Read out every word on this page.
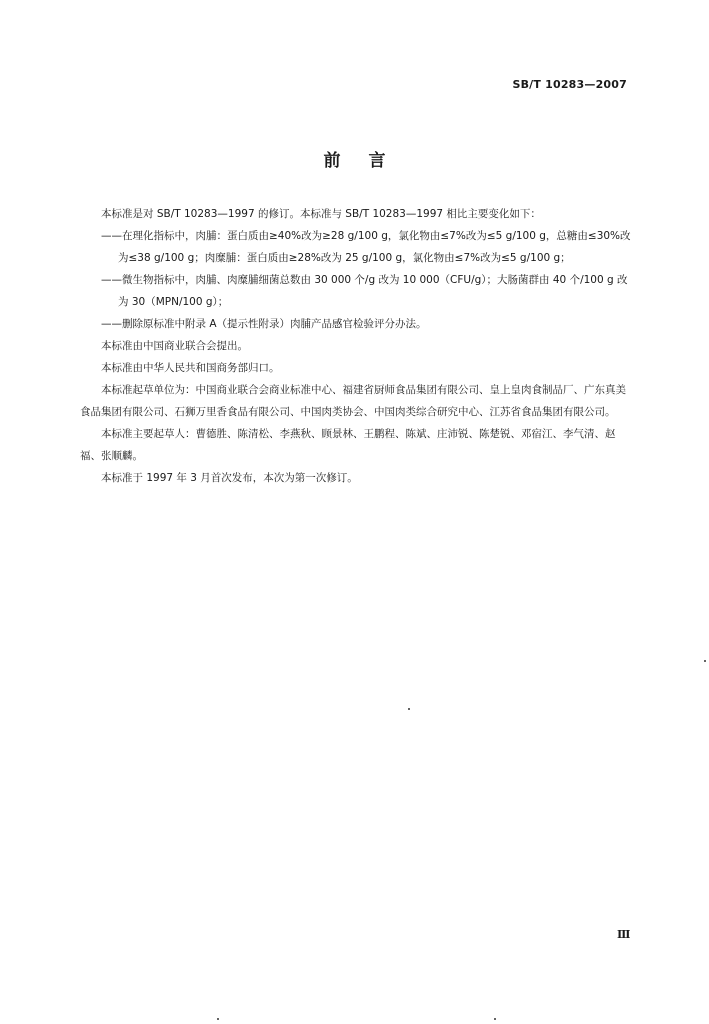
SB/T 10283—2007
前言

本标准是对 SB/T 10283—1997 的修订。本标准与 SB/T 10283—1997 相比主要变化如下：

——在理化指标中，肉脯：蛋白质由≥40%改为≥28 g/100 g，氯化物由≤7%改为≤5 g/100 g，总糖由≤30%改为≤38 g/100 g；肉糜脯：蛋白质由≥28%改为 25 g/100 g，氯化物由≤7%改为≤5 g/100 g；

——微生物指标中，肉脯、肉糜脯细菌总数由 30 000 个/g 改为 10 000（CFU/g）；大肠菌群由 40 个/100 g 改为 30（MPN/100 g）；

——删除原标准中附录 A（提示性附录）肉脯产品感官检验评分办法。

本标准由中国商业联合会提出。

本标准由中华人民共和国商务部归口。

本标准起草单位为：中国商业联合会商业标准中心、福建省厨师食品集团有限公司、皇上皇肉食制品厂、广东真美食品集团有限公司、石狮万里香食品有限公司、中国肉类协会、中国肉类综合研究中心、江苏省食品集团有限公司。

本标准主要起草人：曹德胜、陈清松、李燕秋、顾景林、王鹏程、陈斌、庄沛锐、陈楚锐、邓宿江、李气清、赵福、张顺麟。

本标准于 1997 年 3 月首次发布，本次为第一次修订。

Ⅲ
